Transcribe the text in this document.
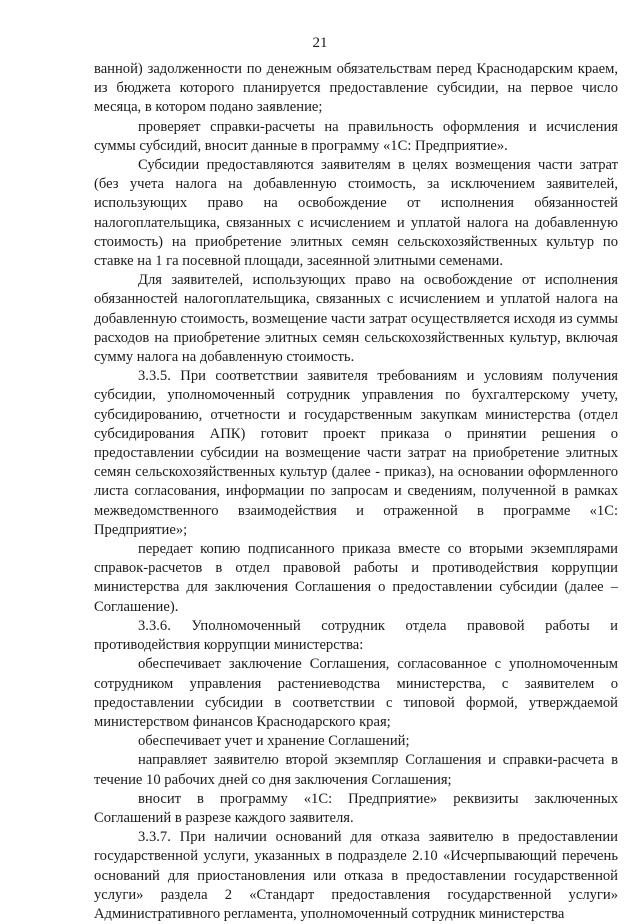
21

ванной) задолженности по денежным обязательствам перед Краснодарским краем, из бюджета которого планируется предоставление субсидии, на первое число месяца, в котором подано заявление;

проверяет справки-расчеты на правильность оформления и исчисления суммы субсидий, вносит данные в программу «1С: Предприятие».

Субсидии предоставляются заявителям в целях возмещения части затрат (без учета налога на добавленную стоимость, за исключением заявителей, использующих право на освобождение от исполнения обязанностей налогоплательщика, связанных с исчислением и уплатой налога на добавленную стоимость) на приобретение элитных семян сельскохозяйственных культур по ставке на 1 га посевной площади, засеянной элитными семенами.

Для заявителей, использующих право на освобождение от исполнения обязанностей налогоплательщика, связанных с исчислением и уплатой налога на добавленную стоимость, возмещение части затрат осуществляется исходя из суммы расходов на приобретение элитных семян сельскохозяйственных культур, включая сумму налога на добавленную стоимость.

3.3.5. При соответствии заявителя требованиям и условиям получения субсидии, уполномоченный сотрудник управления по бухгалтерскому учету, субсидированию, отчетности и государственным закупкам министерства (отдел субсидирования АПК) готовит проект приказа о принятии решения о предоставлении субсидии на возмещение части затрат на приобретение элитных семян сельскохозяйственных культур (далее - приказ), на основании оформленного листа согласования, информации по запросам и сведениям, полученной в рамках межведомственного взаимодействия и отраженной в программе «1С: Предприятие»;

передает копию подписанного приказа вместе со вторыми экземплярами справок-расчетов в отдел правовой работы и противодействия коррупции министерства для заключения Соглашения о предоставлении субсидии (далее – Соглашение).

3.3.6. Уполномоченный сотрудник отдела правовой работы и противодействия коррупции министерства:

обеспечивает заключение Соглашения, согласованное с уполномоченным сотрудником управления растениеводства министерства, с заявителем о предоставлении субсидии в соответствии с типовой формой, утверждаемой министерством финансов Краснодарского края;

обеспечивает учет и хранение Соглашений;

направляет заявителю второй экземпляр Соглашения и справки-расчета в течение 10 рабочих дней со дня заключения Соглашения;

вносит в программу «1С: Предприятие» реквизиты заключенных Соглашений в разрезе каждого заявителя.

3.3.7. При наличии оснований для отказа заявителю в предоставлении государственной услуги, указанных в подразделе 2.10 «Исчерпывающий перечень оснований для приостановления или отказа в предоставлении государственной услуги» раздела 2 «Стандарт предоставления государственной услуги» Административного регламента, уполномоченный сотрудник министерства
